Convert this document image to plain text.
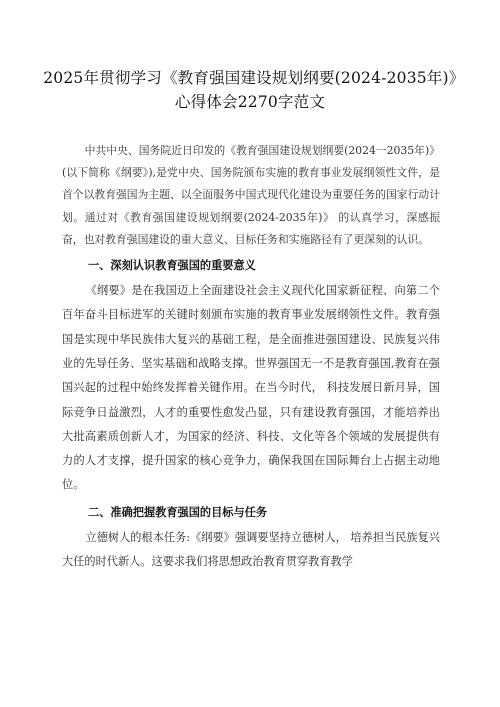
2025年贯彻学习《教育强国建设规划纲要(2024-2035年)》心得体会2270字范文

中共中央、国务院近日印发的《教育强国建设规划纲要(2024一2035年)》(以下简称《纲要》),是党中央、国务院颁布实施的教育事业发展纲领性文件，是首个以教育强国为主题、以全面服务中国式现代化建设为重要任务的国家行动计划。通过对《教育强国建设规划纲要(2024-2035年)》 的认真学习，深感振奋，也对教育强国建设的重大意义、目标任务和实施路径有了更深刻的认识。

一、深刻认识教育强国的重要意义

《纲要》是在我国迈上全面建设社会主义现代化国家新征程、向第二个百年奋斗目标进军的关键时刻颁布实施的教育事业发展纲领性文件。教育强国是实现中华民族伟大复兴的基础工程，是全面推进强国建设、民族复兴伟业的先导任务、坚实基础和战略支撑。世界强国无一不是教育强国,教育在强国兴起的过程中始终发挥着关键作用。在当今时代， 科技发展日新月异，国际竞争日益激烈，人才的重要性愈发凸显，只有建设教育强国，才能培养出大批高素质创新人才，为国家的经济、科技、文化等各个领域的发展提供有力的人才支撑，提升国家的核心竞争力，确保我国在国际舞台上占据主动地位。

二、准确把握教育强国的目标与任务

立德树人的根本任务:《纲要》强调要坚持立德树人， 培养担当民族复兴大任的时代新人。这要求我们将思想政治教育贯穿教育教学
